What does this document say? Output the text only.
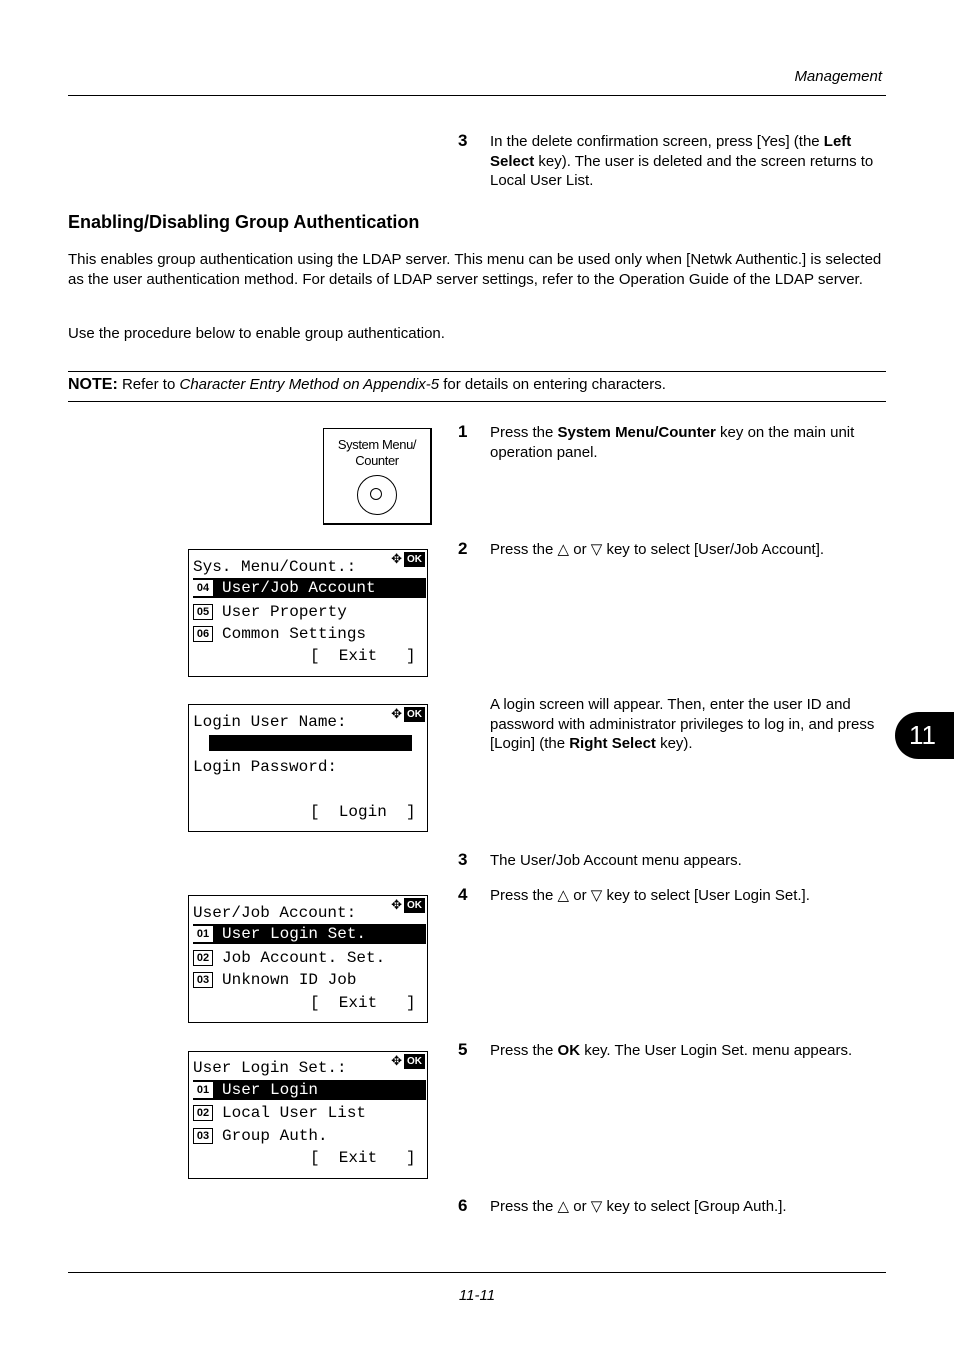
Management
3 In the delete confirmation screen, press [Yes] (the Left Select key). The user is deleted and the screen returns to Local User List.
Enabling/Disabling Group Authentication
This enables group authentication using the LDAP server. This menu can be used only when [Netwk Authentic.] is selected as the user authentication method. For details of LDAP server settings, refer to the Operation Guide of the LDAP server.
Use the procedure below to enable group authentication.
NOTE: Refer to Character Entry Method on Appendix-5 for details on entering characters.
System Menu/
Counter
1 Press the System Menu/Counter key on the main unit operation panel.
2 Press the △ or ▽ key to select [User/Job Account].
A login screen will appear. Then, enter the user ID and password with administrator privileges to log in, and press [Login] (the Right Select key).
3 The User/Job Account menu appears.
4 Press the △ or ▽ key to select [User Login Set.].
5 Press the OK key. The User Login Set. menu appears.
6 Press the △ or ▽ key to select [Group Auth.].
Sys. Menu/Count.:	✥ OK
04 User/Job Account
05 User Property
06 Common Settings
[  Exit   ]
Login User Name:	✥ OK
Login Password:
[  Login  ]
User/Job Account:	✥ OK
01 User Login Set.
02 Job Account. Set.
03 Unknown ID Job
[  Exit   ]
User Login Set.:	✥ OK
01 User Login
02 Local User List
03 Group Auth.
[  Exit   ]
11
11-11
